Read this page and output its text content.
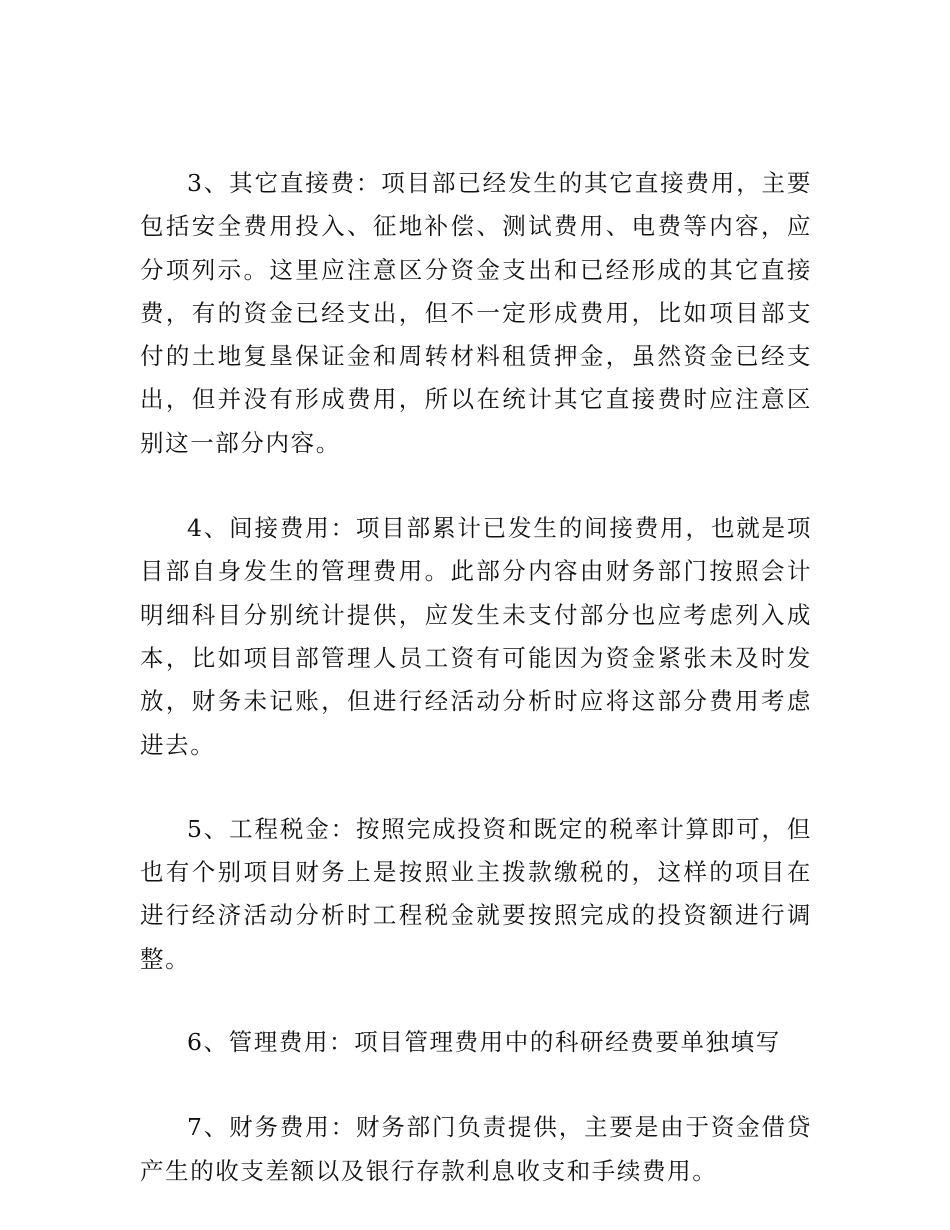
3、其它直接费：项目部已经发生的其它直接费用，主要包括安全费用投入、征地补偿、测试费用、电费等内容，应分项列示。这里应注意区分资金支出和已经形成的其它直接费，有的资金已经支出，但不一定形成费用，比如项目部支付的土地复垦保证金和周转材料租赁押金，虽然资金已经支出，但并没有形成费用，所以在统计其它直接费时应注意区别这一部分内容。

4、间接费用：项目部累计已发生的间接费用，也就是项目部自身发生的管理费用。此部分内容由财务部门按照会计明细科目分别统计提供，应发生未支付部分也应考虑列入成本，比如项目部管理人员工资有可能因为资金紧张未及时发放，财务未记账，但进行经活动分析时应将这部分费用考虑进去。

5、工程税金：按照完成投资和既定的税率计算即可，但也有个别项目财务上是按照业主拨款缴税的，这样的项目在进行经济活动分析时工程税金就要按照完成的投资额进行调整。

6、管理费用：项目管理费用中的科研经费要单独填写

7、财务费用：财务部门负责提供，主要是由于资金借贷产生的收支差额以及银行存款利息收支和手续费用。
